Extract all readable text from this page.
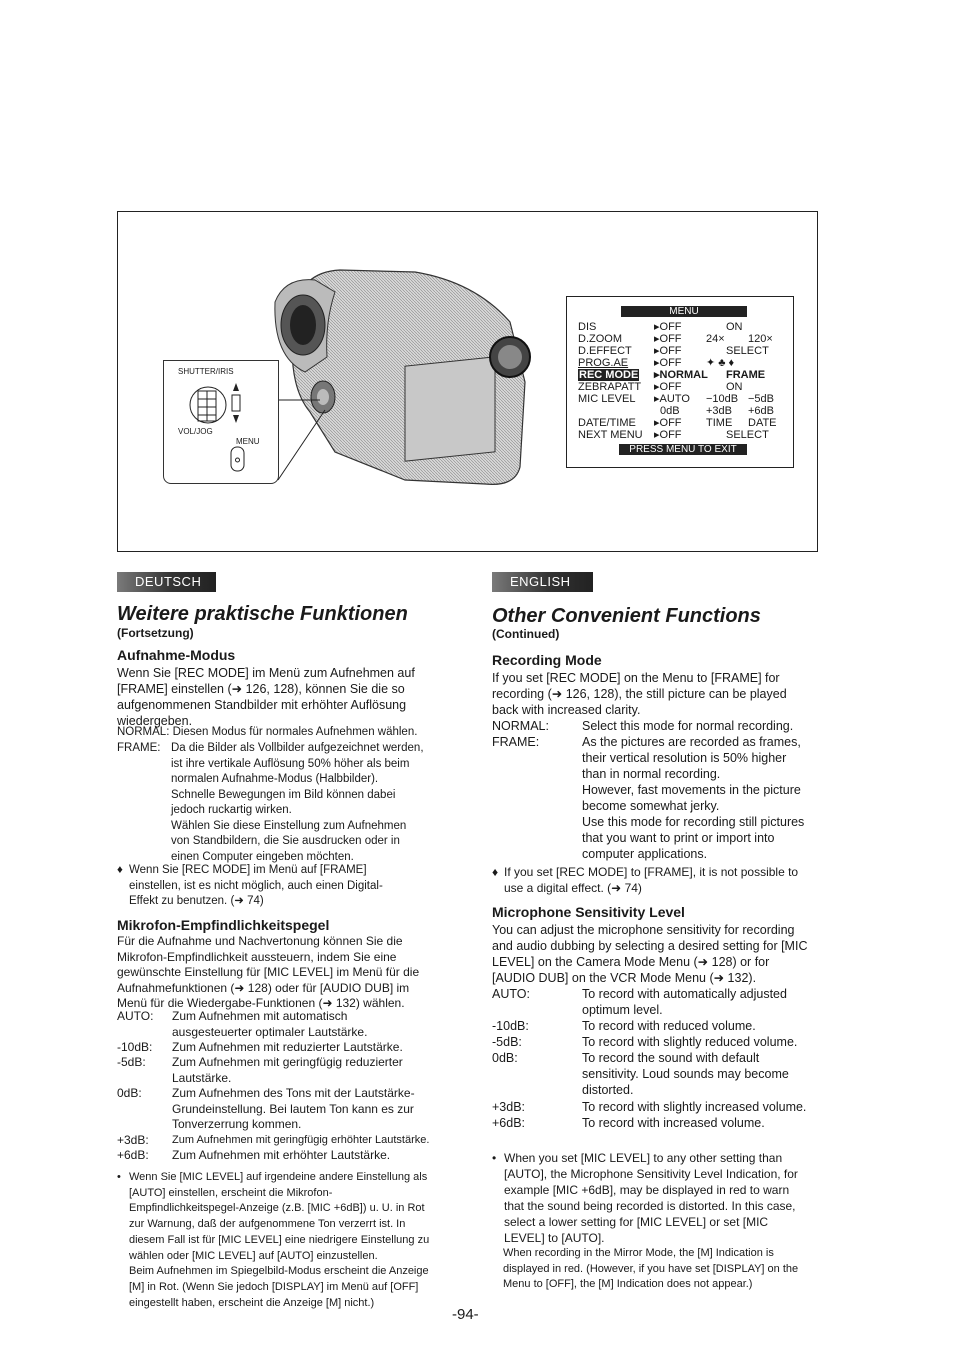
SHUTTER/IRIS
VOL/JOG
MENU
MENU
DIS	▸OFF	ON
D.ZOOM	▸OFF 24× 120×
D.EFFECT ▸OFF	SELECT
PROG.AE ▸OFF ✦ ♣ ♦
REC MODE ▸NORMAL FRAME
ZEBRAPATT ▸OFF	ON
MIC LEVEL ▸AUTO −10dB −5dB
0dB +3dB +6dB
DATE/TIME ▸OFF TIME DATE
NEXT MENU ▸OFF	SELECT
PRESS MENU TO EXIT
DEUTSCH
Weitere praktische Funktionen
(Fortsetzung)
Aufnahme-Modus
Wenn Sie [REC MODE] im Menü zum Aufnehmen auf
[FRAME] einstellen (➜ 126, 128), können Sie die so
aufgenommenen Standbilder mit erhöhter Auflösung
wiedergeben.
NORMAL: Diesen Modus für normales Aufnehmen wählen.
FRAME: Da die Bilder als Vollbilder aufgezeichnet werden,
ist ihre vertikale Auflösung 50% höher als beim
normalen Aufnahme-Modus (Halbbilder).
Schnelle Bewegungen im Bild können dabei
jedoch ruckartig wirken.
Wählen Sie diese Einstellung zum Aufnehmen
von Standbildern, die Sie ausdrucken oder in
einen Computer eingeben möchten.
♦ Wenn Sie [REC MODE] im Menü auf [FRAME]
einstellen, ist es nicht möglich, auch einen Digital-
Effekt zu benutzen. (➜ 74)
Mikrofon-Empfindlichkeitspegel
Für die Aufnahme und Nachvertonung können Sie die
Mikrofon-Empfindlichkeit aussteuern, indem Sie eine
gewünschte Einstellung für [MIC LEVEL] im Menü für die
Aufnahmefunktionen (➜ 128) oder für [AUDIO DUB] im
Menü für die Wiedergabe-Funktionen (➜ 132) wählen.
AUTO: Zum Aufnehmen mit automatisch
ausgesteuerter optimaler Lautstärke.
-10dB: Zum Aufnehmen mit reduzierter Lautstärke.
-5dB: Zum Aufnehmen mit geringfügig reduzierter
Lautstärke.
0dB:	Zum Aufnehmen des Tons mit der Lautstärke-
Grundeinstellung. Bei lautem Ton kann es zur
Tonverzerrung kommen.
+3dB: Zum Aufnehmen mit geringfügig erhöhter Lautstärke.
+6dB: Zum Aufnehmen mit erhöhter Lautstärke.
• Wenn Sie [MIC LEVEL] auf irgendeine andere Einstellung als
[AUTO] einstellen, erscheint die Mikrofon-
Empfindlichkeitspegel-Anzeige (z.B. [MIC +6dB]) u. U. in Rot
zur Warnung, daß der aufgenommene Ton verzerrt ist. In
diesem Fall ist für [MIC LEVEL] eine niedrigere Einstellung zu
wählen oder [MIC LEVEL] auf [AUTO] einzustellen.
Beim Aufnehmen im Spiegelbild-Modus erscheint die Anzeige
[M] in Rot. (Wenn Sie jedoch [DISPLAY] im Menü auf [OFF]
eingestellt haben, erscheint die Anzeige [M] nicht.)
ENGLISH
Other Convenient Functions
(Continued)
Recording Mode
If you set [REC MODE] on the Menu to [FRAME] for
recording (➜ 126, 128), the still picture can be played
back with increased clarity.
NORMAL:	Select this mode for normal recording.
FRAME:	As the pictures are recorded as frames,
their vertical resolution is 50% higher
than in normal recording.
However, fast movements in the picture
become somewhat jerky.
Use this mode for recording still pictures
that you want to print or import into
computer applications.
♦ If you set [REC MODE] to [FRAME], it is not possible to
use a digital effect. (➜ 74)
Microphone Sensitivity Level
You can adjust the microphone sensitivity for recording
and audio dubbing by selecting a desired setting for [MIC
LEVEL] on the Camera Mode Menu (➜ 128) or for
[AUDIO DUB] on the VCR Mode Menu (➜ 132).
AUTO:	To record with automatically adjusted
optimum level.
-10dB:	To record with reduced volume.
-5dB:	To record with slightly reduced volume.
0dB:	To record the sound with default
sensitivity. Loud sounds may become
distorted.
+3dB:	To record with slightly increased volume.
+6dB:	To record with increased volume.
• When you set [MIC LEVEL] to any other setting than
[AUTO], the Microphone Sensitivity Level Indication, for
example [MIC +6dB], may be displayed in red to warn
that the sound being recorded is distorted. In this case,
select a lower setting for [MIC LEVEL] or set [MIC
LEVEL] to [AUTO].
When recording in the Mirror Mode, the [M] Indication is
displayed in red. (However, if you have set [DISPLAY] on the
Menu to [OFF], the [M] Indication does not appear.)
-94-
